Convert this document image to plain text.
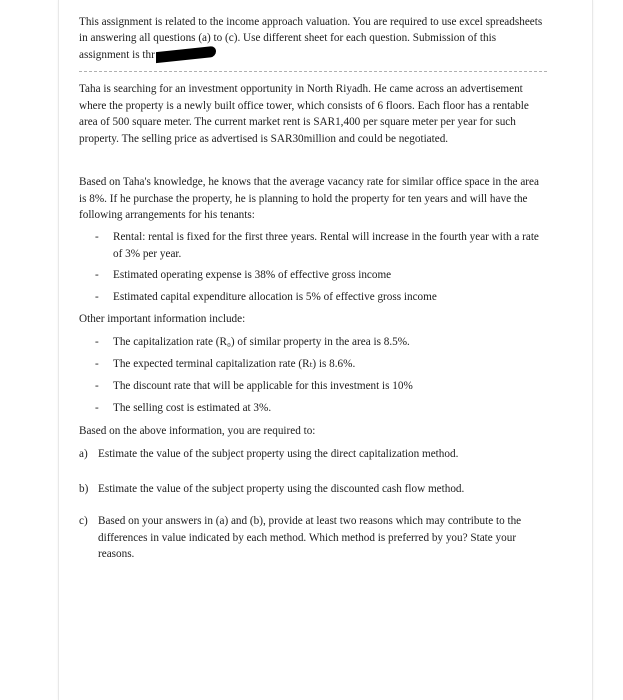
This assignment is related to the income approach valuation. You are required to use excel spreadsheets in answering all questions (a) to (c). Use different sheet for each question. Submission of this assignment is thr

Taha is searching for an investment opportunity in North Riyadh. He came across an advertisement where the property is a newly built office tower, which consists of 6 floors. Each floor has a rentable area of 500 square meter. The current market rent is SAR1,400 per square meter per year for such property. The selling price as advertised is SAR30million and could be negotiated.

Based on Taha's knowledge, he knows that the average vacancy rate for similar office space in the area is 8%. If he purchase the property, he is planning to hold the property for ten years and will have the following arrangements for his tenants:

- Rental: rental is fixed for the first three years. Rental will increase in the fourth year with a rate of 3% per year.
- Estimated operating expense is 38% of effective gross income
- Estimated capital expenditure allocation is 5% of effective gross income

Other important information include:

- The capitalization rate (R₀) of similar property in the area is 8.5%.
- The expected terminal capitalization rate (Rₜ) is 8.6%.
- The discount rate that will be applicable for this investment is 10%
- The selling cost is estimated at 3%.

Based on the above information, you are required to:

a) Estimate the value of the subject property using the direct capitalization method.
b) Estimate the value of the subject property using the discounted cash flow method.
c) Based on your answers in (a) and (b), provide at least two reasons which may contribute to the differences in value indicated by each method. Which method is preferred by you? State your reasons.
